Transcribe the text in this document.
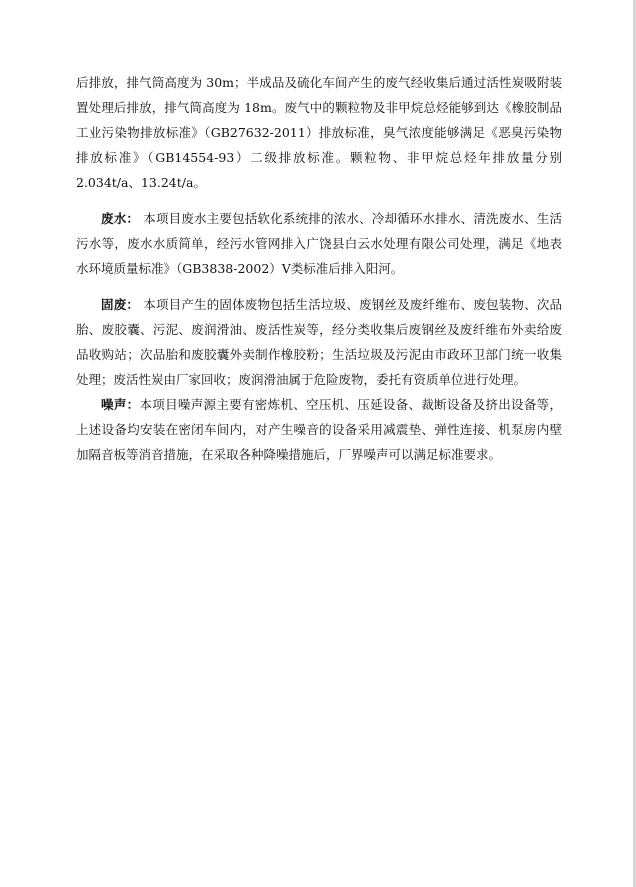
后排放，排气筒高度为 30m；半成品及硫化车间产生的废气经收集后通过活性炭吸附装置处理后排放，排气筒高度为 18m。废气中的颗粒物及非甲烷总烃能够到达《橡胶制品工业污染物排放标准》（GB27632-2011）排放标准，臭气浓度能够满足《恶臭污染物排放标准》（GB14554-93）二级排放标准。颗粒物、非甲烷总烃年排放量分别 2.034t/a、13.24t/a。

废水： 本项目废水主要包括软化系统排的浓水、冷却循环水排水、清洗废水、生活污水等，废水水质简单，经污水管网排入广饶县白云水处理有限公司处理，满足《地表水环境质量标准》（GB3838-2002）Ⅴ类标准后排入阳河。

固废： 本项目产生的固体废物包括生活垃圾、废钢丝及废纤维布、废包装物、次品胎、废胶囊、污泥、废润滑油、废活性炭等，经分类收集后废钢丝及废纤维布外卖给废品收购站；次品胎和废胶囊外卖制作橡胶粉；生活垃圾及污泥由市政环卫部门统一收集处理；废活性炭由厂家回收；废润滑油属于危险废物，委托有资质单位进行处理。

噪声：本项目噪声源主要有密炼机、空压机、压延设备、裁断设备及挤出设备等，上述设备均安装在密闭车间内，对产生噪音的设备采用减震垫、弹性连接、机泵房内壁加隔音板等消音措施，在采取各种降噪措施后，厂界噪声可以满足标准要求。
